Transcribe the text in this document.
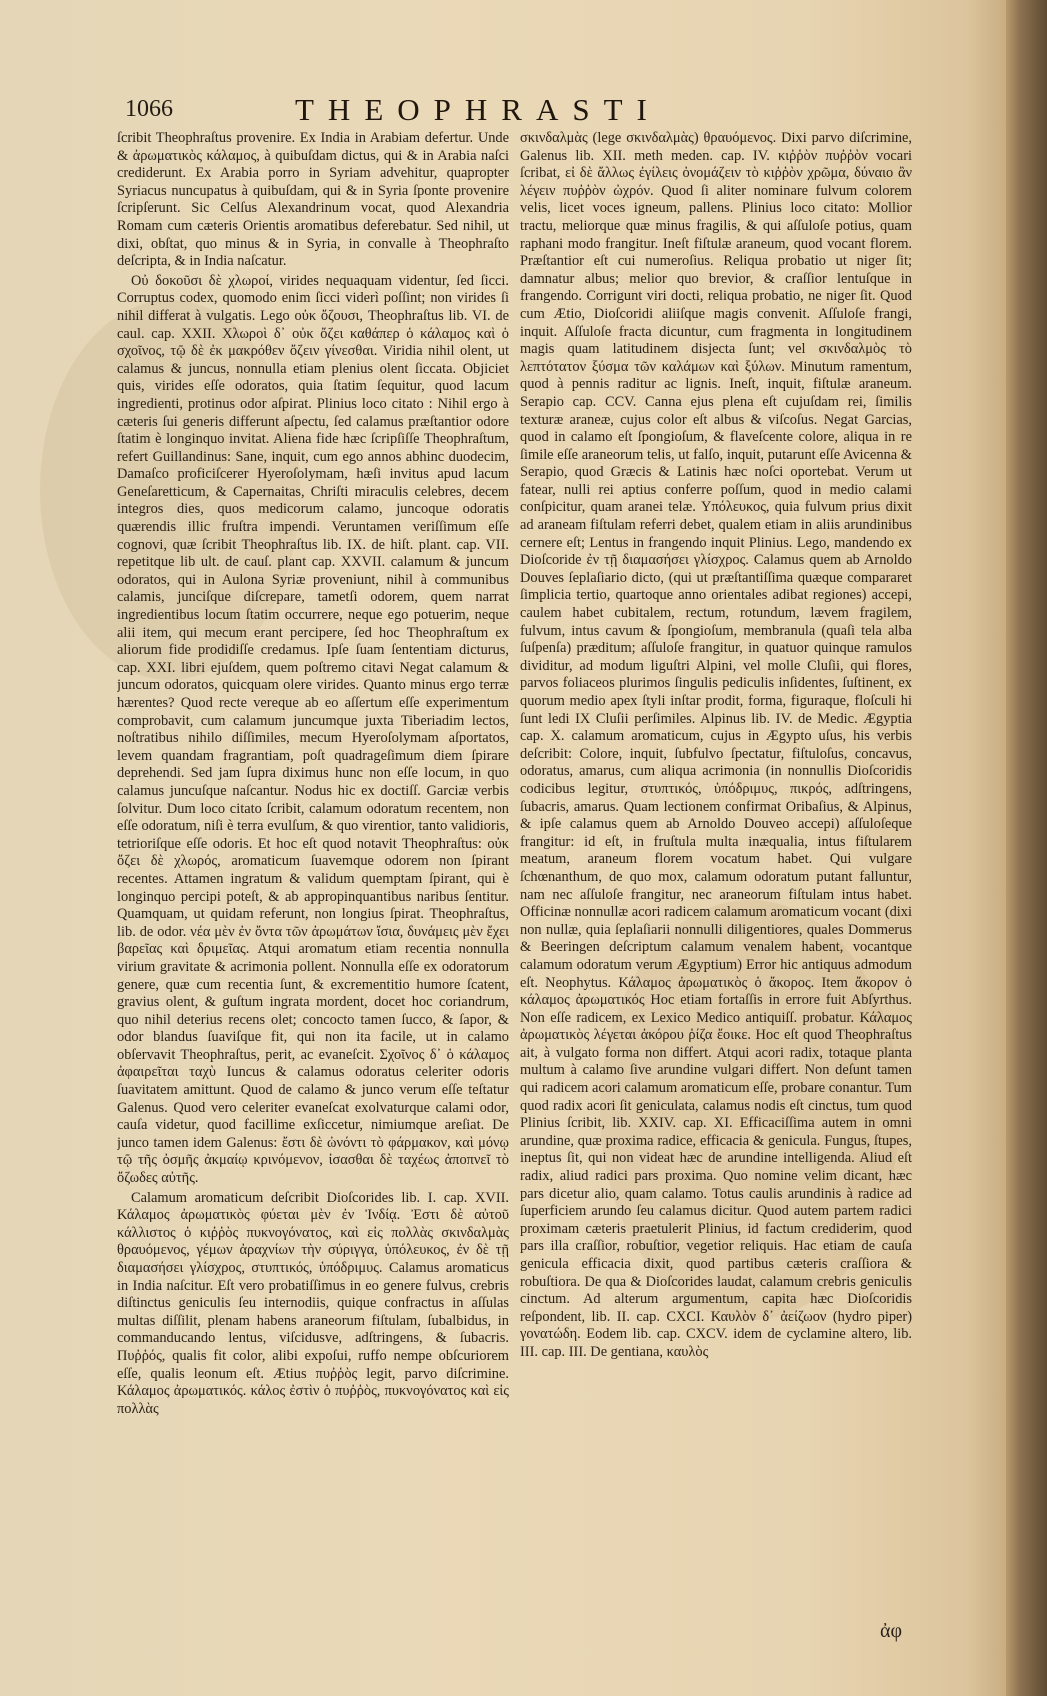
1066	THEOPHRASTI

ſcribit Theophraſtus provenire. Ex India in Arabiam defertur. Unde & ἀρωματικὸς κάλαμος, à quibuſdam dictus, qui & in Arabia naſci crediderunt. Ex Arabia porro in Syriam advehitur, quapropter Syriacus nuncupatus à quibuſdam, qui & in Syria ſponte provenire ſcripſerunt. Sic Celſus Alexandrinum vocat, quod Alexandria Romam cum cæteris Orientis aromatibus deferebatur. Sed nihil, ut dixi, obſtat, quo minus & in Syria, in convalle à Theophraſto deſcripta, & in India naſcatur.

Οὐ δοκοῦσι δὲ χλωροί, virides nequaquam videntur, ſed ſicci. Corruptus codex, quomodo enim ſicci viderì poſſint; non virides ſi nihil differat à vulgatis. Lego οὐκ ὄζουσι, Theophraſtus lib. VI. de caul. cap. XXII. Χλωροὶ δ᾽ οὐκ ὄζει καθάπερ ὁ κάλαμος καὶ ὁ σχοῖνος, τῷ δὲ ἐκ μακρόθεν ὄζειν γίνεσθαι. Viridia nihil olent, ut calamus & juncus, nonnulla etiam plenius olent ſiccata. Objiciet quis, virides eſſe odoratos, quia ſtatim ſequitur, quod lacum ingredienti, protinus odor aſpirat. Plinius loco citato : Nihil ergo à cæteris ſui generis differunt aſpectu, ſed calamus præſtantior odore ſtatim è longinquo invitat. Aliena fide hæc ſcripſiſſe Theophraſtum, refert Guillandinus: Sane, inquit, cum ego annos abhinc duodecim, Damaſco proficiſcerer Hyeroſolymam, hæſi invitus apud lacum Geneſaretticum, & Capernaitas, Chriſti miraculis celebres, decem integros dies, quos medicorum calamo, juncoque odoratis quærendis illic fruſtra impendi. Veruntamen veriſſimum eſſe cognovi, quæ ſcribit Theophraſtus lib. IX. de hiſt. plant. cap. VII. repetitque lib ult. de cauſ. plant cap. XXVII. calamum & juncum odoratos, qui in Aulona Syriæ proveniunt, nihil à communibus calamis, junciſque diſcrepare, tametſi odorem, quem narrat ingredientibus locum ſtatim occurrere, neque ego potuerim, neque alii item, qui mecum erant percipere, ſed hoc Theophraſtum ex aliorum fide prodidiſſe credamus. Ipſe ſuam ſententiam dicturus, cap. XXI. libri ejuſdem, quem poſtremo citavi Negat calamum & juncum odoratos, quicquam olere virides. Quanto minus ergo terræ hærentes? Quod recte vereque ab eo aſſertum eſſe experimentum comprobavit, cum calamum juncumque juxta Tiberiadim lectos, noſtratibus nihilo diſſimiles, mecum Hyeroſolymam aſportatos, levem quandam fragrantiam, poſt quadrageſimum diem ſpirare deprehendi. Sed jam ſupra diximus hunc non eſſe locum, in quo calamus juncuſque naſcantur. Nodus hic ex doctiſſ. Garciæ verbis ſolvitur. Dum loco citato ſcribit, calamum odoratum recentem, non eſſe odoratum, niſi è terra evulſum, & quo virentior, tanto validioris, tetrioriſque eſſe odoris. Et hoc eſt quod notavit Theophraſtus: οὐκ ὄζει δὲ χλωρός, aromaticum ſuavemque odorem non ſpirant recentes. Attamen ingratum & validum quemptam ſpirant, qui è longinquo percipi poteſt, & ab appropinquantibus naribus ſentitur. Quamquam, ut quidam referunt, non longius ſpirat. Theophraſtus, lib. de odor. νέα μὲν ἐν ὄντα τῶν ἀρωμάτων ἴσια, δυνάμεις μὲν ἔχει βαρεῖας καὶ δριμεῖας. Atqui aromatum etiam recentia nonnulla virium gravitate & acrimonia pollent. Nonnulla eſſe ex odoratorum genere, quæ cum recentia ſunt, & excrementitio humore ſcatent, gravius olent, & guſtum ingrata mordent, docet hoc coriandrum, quo nihil deterius recens olet; concocto tamen ſucco, & ſapor, & odor blandus ſuaviſque fit, qui non ita facile, ut in calamo obſervavit Theophraſtus, perit, ac evaneſcit. Σχοῖνος δ᾽ ὁ κάλαμος ἀφαιρεῖται ταχὺ Iuncus & calamus odoratus celeriter odoris ſuavitatem amittunt. Quod de calamo & junco verum eſſe teſtatur Galenus. Quod vero celeriter evaneſcat exolvaturque calami odor, cauſa videtur, quod facillime exſiccetur, nimiumque areſiat. De junco tamen idem Galenus: ἔστι δὲ ὠνόντι τὸ φάρμακον, καὶ μόνῳ τῷ τῆς ὀσμῆς ἀκμαίῳ κρινόμενον, ἰσασθαι δὲ ταχέως ἀποπνεῖ τὸ ὄζωδες αὐτῆς.

Calamum aromaticum deſcribit Dioſcorides lib. I. cap. XVII. Κάλαμος ἀρωματικὸς φύεται μὲν ἐν Ἰνδίᾳ. Ἐστι δὲ αὐτοῦ κάλλιστος ὁ κιῤῥὸς πυκνογόνατος, καὶ εἰς πολλὰς σκινδαλμὰς θραυόμενος, γέμων ἀραχνίων τὴν σύριγγα, ὑπόλευκος, ἐν δὲ τῇ διαμασήσει γλίσχρος, στυπτικός, ὑπόδριμυς. Calamus aromaticus in India naſcitur. Eſt vero probatiſſimus in eo genere fulvus, crebris diſtinctus geniculis ſeu internodiis, quique confractus in aſſulas multas diſſilit, plenam habens araneorum fiſtulam, ſubalbidus, in commanducando lentus, viſcidusve, adſtringens, & ſubacris. Πυῤῥός, qualis fit color, alibi expoſui, ruffo nempe obſcuriorem eſſe, qualis leonum eſt. Ætius πυῤῥὸς legit, parvo diſcrimine. Κάλαμος ἀρωματικός. κάλος ἐστὶν ὁ πυῤῥὸς, πυκνογόνατος καὶ εἰς πολλὰς

σκινδαλμὰς (lege σκινδαλμὰς) θραυόμενος. Dixi parvo diſcrimine, Galenus lib. XII. meth meden. cap. IV. κιῤῥὸν πυῤῥὸν vocari ſcribat, εἰ δὲ ἄλλως ἐγίλεις ὀνομάζειν τὸ κιῤῥὸν χρῶμα, δύναιο ἂν λέγειν πυῤῥὸν ὠχρόν. Quod ſi aliter nominare fulvum colorem velis, licet voces igneum, pallens. Plinius loco citato: Mollior tractu, meliorque quæ minus fragilis, & qui aſſuloſe potius, quam raphani modo frangitur. Ineſt fiſtulæ araneum, quod vocant florem. Præſtantior eſt cui numeroſius. Reliqua probatio ut niger ſit; damnatur albus; melior quo brevior, & craſſior lentuſque in frangendo. Corrigunt viri docti, reliqua probatio, ne niger ſit. Quod cum Ætio, Dioſcoridi aliiſque magis convenit. Aſſuloſe frangi, inquit. Aſſuloſe fracta dicuntur, cum fragmenta in longitudinem magis quam latitudinem disjecta ſunt; vel σκινδαλμὸς τὸ λεπτότατον ξύσμα τῶν καλάμων καὶ ξύλων. Minutum ramentum, quod à pennis raditur ac lignis. Ineſt, inquit, fiſtulæ araneum. Serapio cap. CCV. Canna ejus plena eſt cujuſdam rei, ſimilis texturæ araneæ, cujus color eſt albus & viſcoſus. Negat Garcias, quod in calamo eſt ſpongioſum, & flaveſcente colore, aliqua in re ſimile eſſe araneorum telis, ut falſo, inquit, putarunt eſſe Avicenna & Serapio, quod Græcis & Latinis hæc noſci oportebat. Verum ut fatear, nulli rei aptius conferre poſſum, quod in medio calami conſpicitur, quam aranei telæ. Υπόλευκος, quia fulvum prius dixit ad araneam fiſtulam referri debet, qualem etiam in aliis arundinibus cernere eſt; Lentus in frangendo inquit Plinius. Lego, mandendo ex Dioſcoride ἐν τῇ διαμασήσει γλίσχρος. Calamus quem ab Arnoldo Douves ſeplaſiario dicto, (qui ut præſtantiſſima quæque compararet ſimplicia tertio, quartoque anno orientales adibat regiones) accepi, caulem habet cubitalem, rectum, rotundum, lævem fragilem, fulvum, intus cavum & ſpongioſum, membranula (quaſi tela alba ſuſpenſa) præditum; aſſuloſe frangitur, in quatuor quinque ramulos dividitur, ad modum liguſtri Alpini, vel molle Cluſii, qui flores, parvos foliaceos plurimos ſingulis pediculis inſidentes, ſuſtinent, ex quorum medio apex ſtyli inſtar prodit, forma, figuraque, floſculi hi ſunt ledi IX Cluſii perſimiles. Alpinus lib. IV. de Medic. Ægyptia cap. X. calamum aromaticum, cujus in Ægypto uſus, his verbis deſcribit: Colore, inquit, ſubfulvo ſpectatur, fiſtuloſus, concavus, odoratus, amarus, cum aliqua acrimonia (in nonnullis Dioſcoridis codicibus legitur, στυπτικός, ὑπόδριμυς, πικρός, adſtringens, ſubacris, amarus. Quam lectionem confirmat Oribaſius, & Alpinus, & ipſe calamus quem ab Arnoldo Douveo accepi) aſſuloſeque frangitur: id eſt, in fruſtula multa inæqualia, intus fiſtularem meatum, araneum florem vocatum habet. Qui vulgare ſchœnanthum, de quo mox, calamum odoratum putant falluntur, nam nec aſſuloſe frangitur, nec araneorum fiſtulam intus habet. Officinæ nonnullæ acori radicem calamum aromaticum vocant (dixi non nullæ, quia ſeplaſiarii nonnulli diligentiores, quales Dommerus & Beeringen deſcriptum calamum venalem habent, vocantque calamum odoratum verum Ægyptium) Error hic antiquus admodum eſt. Neophytus. Κάλαμος ἀρωματικὸς ὁ ἄκορος. Item ἄκορον ὁ κάλαμος ἀρωματικός Hoc etiam fortaſſis in errore fuit Abſyrthus. Non eſſe radicem, ex Lexico Medico antiquiſſ. probatur. Κάλαμος ἀρωματικὸς λέγεται ἀκόρου ῥίζα ἔοικε. Hoc eſt quod Theophraſtus ait, à vulgato forma non differt. Atqui acori radix, totaque planta multum à calamo ſive arundine vulgari differt. Non deſunt tamen qui radicem acori calamum aromaticum eſſe, probare conantur. Tum quod radix acori ſit geniculata, calamus nodis eſt cinctus, tum quod Plinius ſcribit, lib. XXIV. cap. XI. Efficaciſſima autem in omni arundine, quæ proxima radice, efficacia & genicula. Fungus, ſtupes, ineptus ſit, qui non videat hæc de arundine intelligenda. Aliud eſt radix, aliud radici pars proxima. Quo nomine velim dicant, hæc pars dicetur alio, quam calamo. Totus caulis arundinis à radice ad ſuperficiem arundo ſeu calamus dicitur. Quod autem partem radici proximam cæteris praetulerit Plinius, id factum crediderim, quod pars illa craſſior, robuſtior, vegetior reliquis. Hac etiam de cauſa genicula efficacia dixit, quod partibus cæteris craſſiora & robuſtiora. De qua & Dioſcorides laudat, calamum crebris geniculis cinctum. Ad alterum argumentum, capita hæc Dioſcoridis reſpondent, lib. II. cap. CXCI. Καυλὸν δ᾽ ἀείζωον (hydro piper) γονατώδη. Eodem lib. cap. CXCV. idem de cyclamine altero, lib. III. cap. III. De gentiana, καυλὸς

ἀφ
